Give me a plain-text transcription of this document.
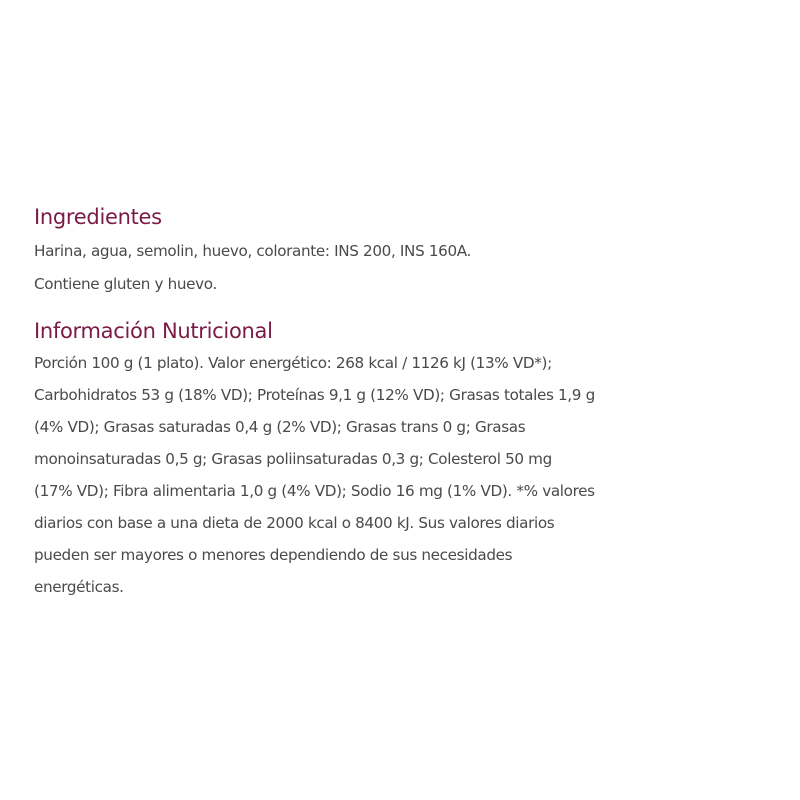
Ingredientes

Harina, agua, semolin, huevo, colorante: INS 200, INS 160A.

Contiene gluten y huevo.

Información Nutricional

Porción 100 g (1 plato). Valor energético: 268 kcal / 1126 kJ (13% VD*);

Carbohidratos 53 g (18% VD); Proteínas 9,1 g (12% VD); Grasas totales 1,9 g

(4% VD); Grasas saturadas 0,4 g (2% VD); Grasas trans 0 g; Grasas

monoinsaturadas 0,5 g; Grasas poliinsaturadas 0,3 g; Colesterol 50 mg

(17% VD); Fibra alimentaria 1,0 g (4% VD); Sodio 16 mg (1% VD). *% valores

diarios con base a una dieta de 2000 kcal o 8400 kJ. Sus valores diarios

pueden ser mayores o menores dependiendo de sus necesidades

energéticas.
